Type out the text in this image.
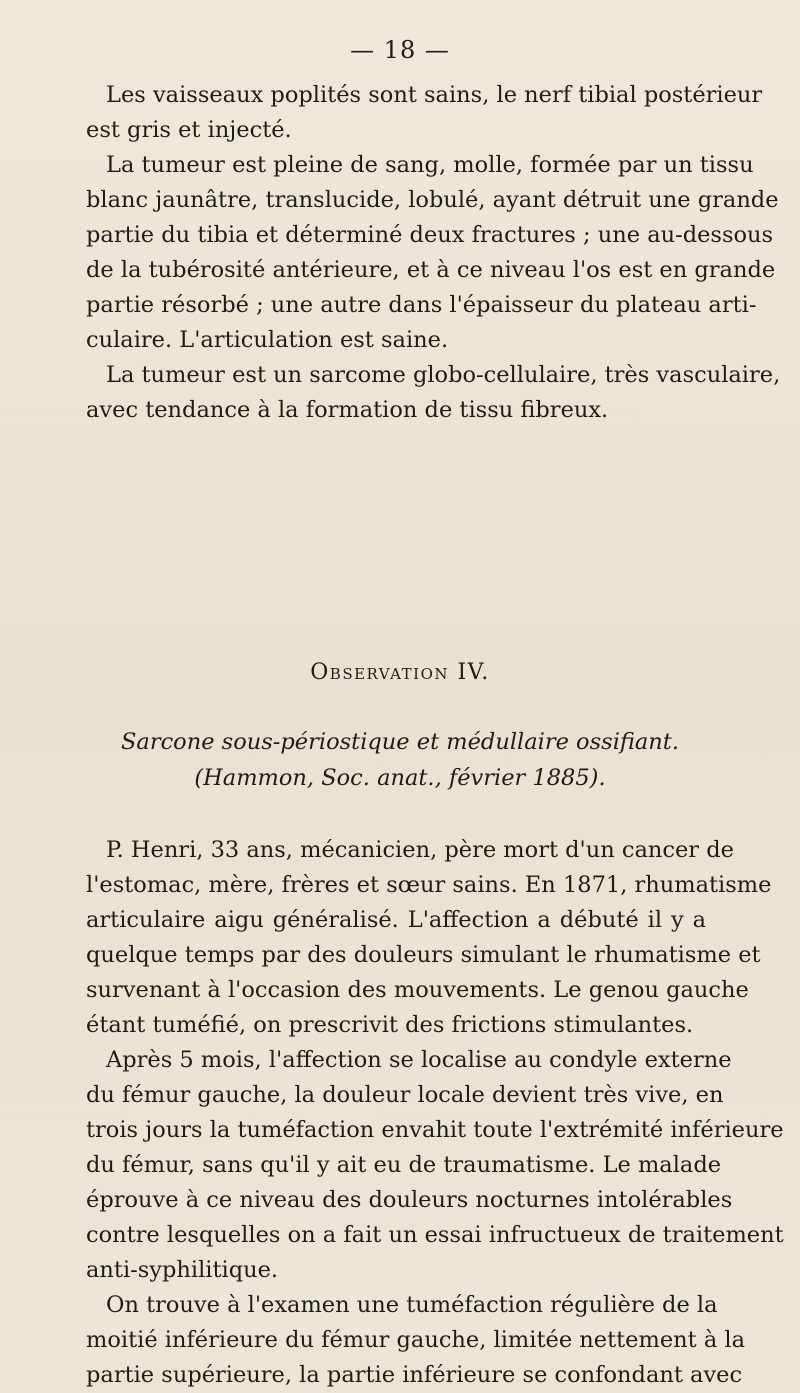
— 18 —
Les vaisseaux poplités sont sains, le nerf tibial postérieur
est gris et injecté.
La tumeur est pleine de sang, molle, formée par un tissu
blanc jaunâtre, translucide, lobulé, ayant détruit une grande
partie du tibia et déterminé deux fractures ; une au-dessous
de la tubérosité antérieure, et à ce niveau l'os est en grande
partie résorbé ; une autre dans l'épaisseur du plateau arti-
culaire. L'articulation est saine.
La tumeur est un sarcome globo-cellulaire, très vasculaire,
avec tendance à la formation de tissu fibreux.
Observation IV.
Sarcone sous-périostique et médullaire ossifiant.
(Hammon, Soc. anat., février 1885).
P. Henri, 33 ans, mécanicien, père mort d'un cancer de
l'estomac, mère, frères et sœur sains. En 1871, rhumatisme
articulaire aigu généralisé. L'affection a débuté il y a
quelque temps par des douleurs simulant le rhumatisme et
survenant à l'occasion des mouvements. Le genou gauche
étant tuméfié, on prescrivit des frictions stimulantes.
Après 5 mois, l'affection se localise au condyle externe
du fémur gauche, la douleur locale devient très vive, en
trois jours la tuméfaction envahit toute l'extrémité inférieure
du fémur, sans qu'il y ait eu de traumatisme. Le malade
éprouve à ce niveau des douleurs nocturnes intolérables
contre lesquelles on a fait un essai infructueux de traitement
anti-syphilitique.
On trouve à l'examen une tuméfaction régulière de la
moitié inférieure du fémur gauche, limitée nettement à la
partie supérieure, la partie inférieure se confondant avec
